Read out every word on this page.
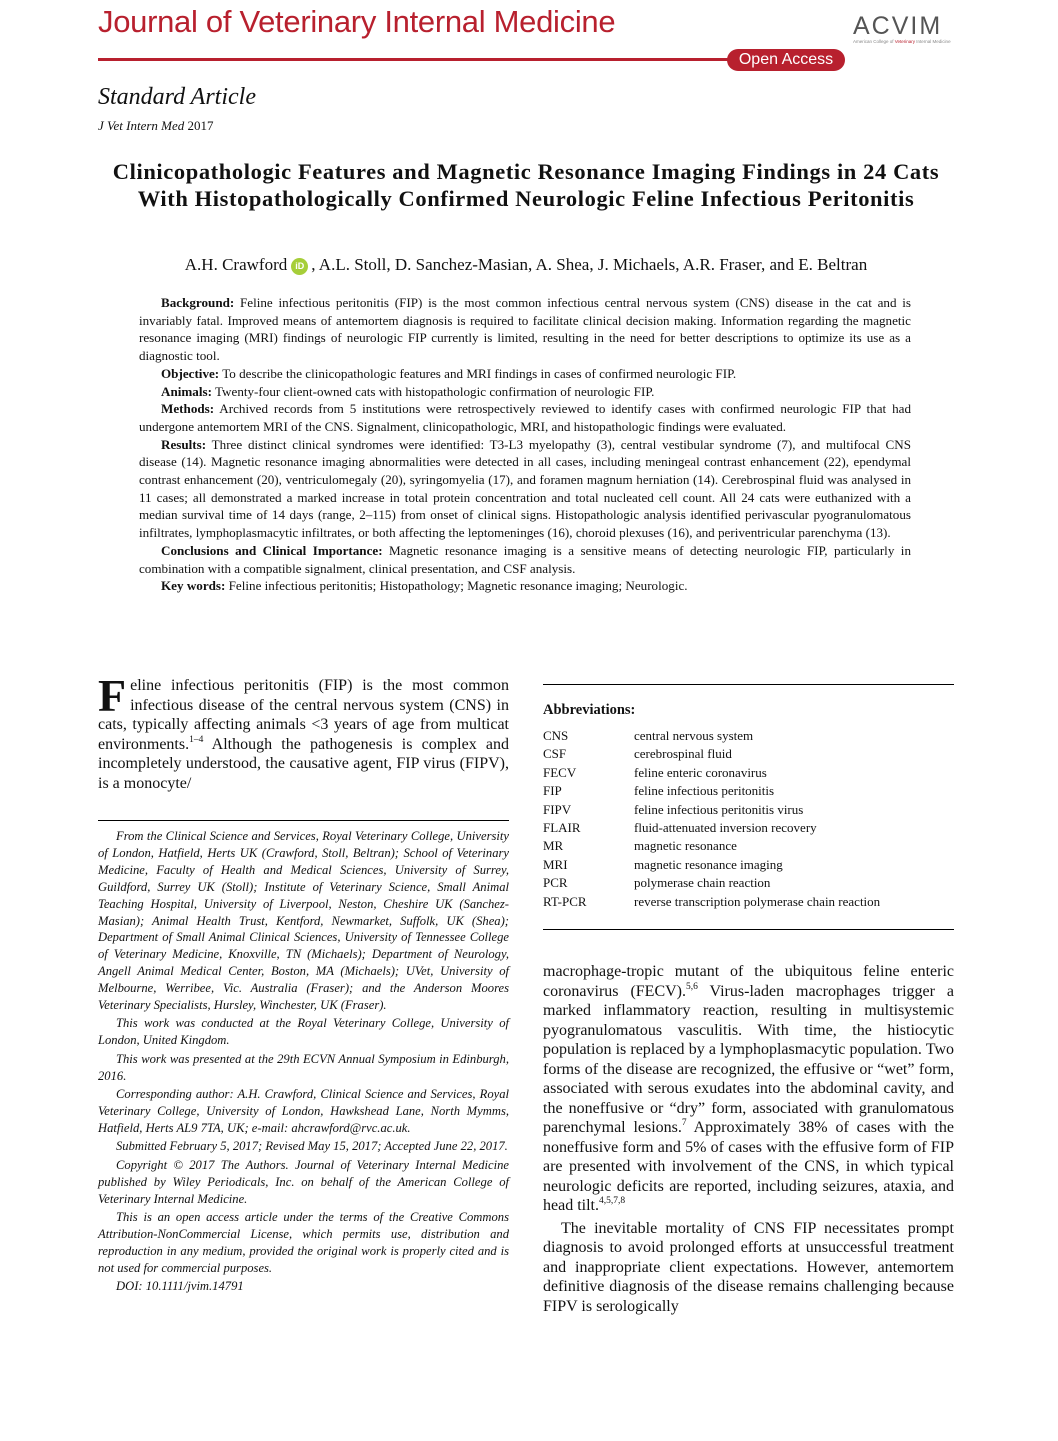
Journal of Veterinary Internal Medicine
Open Access
ACVIM
American College of Veterinary Internal Medicine
Standard Article
J Vet Intern Med 2017
Clinicopathologic Features and Magnetic Resonance Imaging Findings in 24 Cats With Histopathologically Confirmed Neurologic Feline Infectious Peritonitis
A.H. Crawford iD , A.L. Stoll, D. Sanchez-Masian, A. Shea, J. Michaels, A.R. Fraser, and E. Beltran

Background: Feline infectious peritonitis (FIP) is the most common infectious central nervous system (CNS) disease in the cat and is invariably fatal. Improved means of antemortem diagnosis is required to facilitate clinical decision making. Information regarding the magnetic resonance imaging (MRI) findings of neurologic FIP currently is limited, resulting in the need for better descriptions to optimize its use as a diagnostic tool.

Objective: To describe the clinicopathologic features and MRI findings in cases of confirmed neurologic FIP.

Animals: Twenty-four client-owned cats with histopathologic confirmation of neurologic FIP.

Methods: Archived records from 5 institutions were retrospectively reviewed to identify cases with confirmed neurologic FIP that had undergone antemortem MRI of the CNS. Signalment, clinicopathologic, MRI, and histopathologic findings were evaluated.

Results: Three distinct clinical syndromes were identified: T3-L3 myelopathy (3), central vestibular syndrome (7), and multifocal CNS disease (14). Magnetic resonance imaging abnormalities were detected in all cases, including meningeal contrast enhancement (22), ependymal contrast enhancement (20), ventriculomegaly (20), syringomyelia (17), and foramen magnum herniation (14). Cerebrospinal fluid was analysed in 11 cases; all demonstrated a marked increase in total protein concentration and total nucleated cell count. All 24 cats were euthanized with a median survival time of 14 days (range, 2–115) from onset of clinical signs. Histopathologic analysis identified perivascular pyogranulomatous infiltrates, lymphoplasmacytic infiltrates, or both affecting the leptomeninges (16), choroid plexuses (16), and periventricular parenchyma (13).

Conclusions and Clinical Importance: Magnetic resonance imaging is a sensitive means of detecting neurologic FIP, particularly in combination with a compatible signalment, clinical presentation, and CSF analysis.

Key words: Feline infectious peritonitis; Histopathology; Magnetic resonance imaging; Neurologic.

Feline infectious peritonitis (FIP) is the most common infectious disease of the central nervous system (CNS) in cats, typically affecting animals <3 years of age from multicat environments.$^{1-4}$ Although the pathogenesis is complex and incompletely understood, the causative agent, FIP virus (FIPV), is a monocyte/

From the Clinical Science and Services, Royal Veterinary College, University of London, Hatfield, Herts UK (Crawford, Stoll, Beltran); School of Veterinary Medicine, Faculty of Health and Medical Sciences, University of Surrey, Guildford, Surrey UK (Stoll); Institute of Veterinary Science, Small Animal Teaching Hospital, University of Liverpool, Neston, Cheshire UK (Sanchez-Masian); Animal Health Trust, Kentford, Newmarket, Suffolk, UK (Shea); Department of Small Animal Clinical Sciences, University of Tennessee College of Veterinary Medicine, Knoxville, TN (Michaels); Department of Neurology, Angell Animal Medical Center, Boston, MA (Michaels); UVet, University of Melbourne, Werribee, Vic. Australia (Fraser); and the Anderson Moores Veterinary Specialists, Hursley, Winchester, UK (Fraser).

This work was conducted at the Royal Veterinary College, University of London, United Kingdom.

This work was presented at the 29th ECVN Annual Symposium in Edinburgh, 2016.

Corresponding author: A.H. Crawford, Clinical Science and Services, Royal Veterinary College, University of London, Hawkshead Lane, North Mymms, Hatfield, Herts AL9 7TA, UK; e-mail: ahcrawford@rvc.ac.uk.

Submitted February 5, 2017; Revised May 15, 2017; Accepted June 22, 2017.

Copyright © 2017 The Authors. Journal of Veterinary Internal Medicine published by Wiley Periodicals, Inc. on behalf of the American College of Veterinary Internal Medicine.

This is an open access article under the terms of the Creative Commons Attribution-NonCommercial License, which permits use, distribution and reproduction in any medium, provided the original work is properly cited and is not used for commercial purposes.

DOI: 10.1111/jvim.14791

Abbreviations:
CNS	central nervous system
CSF	cerebrospinal fluid
FECV	feline enteric coronavirus
FIP	feline infectious peritonitis
FIPV	feline infectious peritonitis virus
FLAIR	fluid-attenuated inversion recovery
MR	magnetic resonance
MRI	magnetic resonance imaging
PCR	polymerase chain reaction
RT-PCR	reverse transcription polymerase chain reaction

macrophage-tropic mutant of the ubiquitous feline enteric coronavirus (FECV).$^{5,6}$ Virus-laden macrophages trigger a marked inflammatory reaction, resulting in multisystemic pyogranulomatous vasculitis. With time, the histiocytic population is replaced by a lymphoplasmacytic population. Two forms of the disease are recognized, the effusive or “wet” form, associated with serous exudates into the abdominal cavity, and the noneffusive or “dry” form, associated with granulomatous parenchymal lesions.$^7$ Approximately 38% of cases with the noneffusive form and 5% of cases with the effusive form of FIP are presented with involvement of the CNS, in which typical neurologic deficits are reported, including seizures, ataxia, and head tilt.$^{4,5,7,8}$

The inevitable mortality of CNS FIP necessitates prompt diagnosis to avoid prolonged efforts at unsuccessful treatment and inappropriate client expectations. However, antemortem definitive diagnosis of the disease remains challenging because FIPV is serologically
